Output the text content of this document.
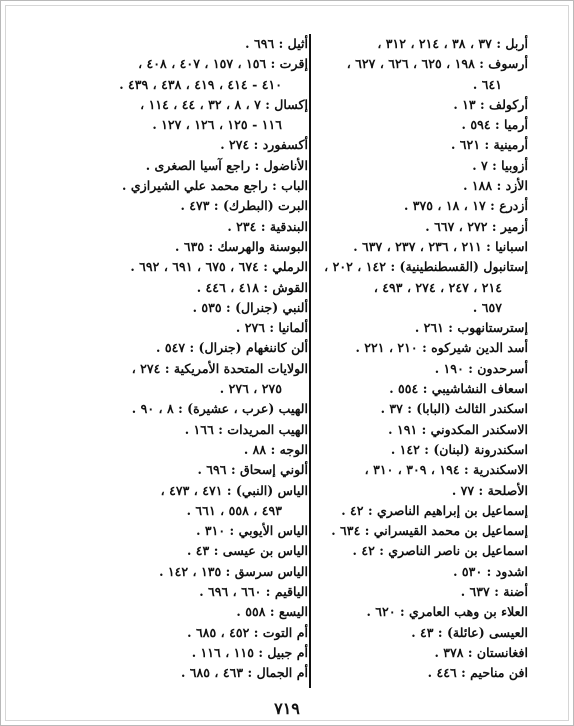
أربل : ٣٧ ، ٣٨ ، ٢١٤ ، ٣١٢ ،
أرسوف : ١٩٨ ، ٦٢٥ ، ٦٢٦ ، ٦٢٧ ،
٦٤١ .
أركولف : ١٣ .
أرميا : ٥٩٤ .
أرمينية : ٦٢١ .
أزوبيا : ٧ .
الأزد : ١٨٨ .
أزدرع : ١٧ ، ١٨ ، ٣٧٥ .
أزمير : ٢٧٢ ، ٦٦٧ .
اسبانيا : ٢١١ ، ٢٣٦ ، ٢٣٧ ، ٦٣٧ .
إستانبول (القسطنطينية) : ١٤٢ ، ٢٠٢ ،
٢١٤ ، ٢٤٧ ، ٢٧٤ ، ٤٩٣ ،
٦٥٧ .
إسترستانهوب : ٢٦١ .
أسد الدين شيركوه : ٢١٠ ، ٢٢١ .
أسرحدون : ١٩٠ .
اسعاف النشاشيبي : ٥٥٤ .
اسكندر الثالث (البابا) : ٣٧ .
الاسكندر المكدوني : ١٩١ .
اسكندرونة (لبنان) : ١٤٢ .
الاسكندرية : ١٩٤ ، ٣٠٩ ، ٣١٠ ،
الأصلحة : ٧٧ .
إسماعيل بن إبراهيم الناصري : ٤٢ .
إسماعيل بن محمد القيسراني : ٦٣٤ .
اسماعيل بن ناصر الناصري : ٤٢ .
اشدود : ٥٣٠ .
أضنة : ٦٣٧ .
العلاء بن وهب العامري : ٦٢٠ .
العيسى (عائلة) : ٤٣ .
افغانستان : ٣٧٨ .
افن مناحيم : ٤٤٦ .
أثيل : ٦٩٦ .
إقرت : ١٥٦ ، ١٥٧ ، ٤٠٧ ، ٤٠٨ ،
٤١٠ - ٤١٤ ، ٤١٩ ، ٤٣٨ ، ٤٣٩ .
إكسال : ٧ ، ٨ ، ٣٢ ، ٤٤ ، ١١٤ ،
١١٦ - ١٢٥ ، ١٢٦ ، ١٢٧ .
أكسفورد : ٢٧٤ .
الأناضول : راجع آسيا الصغرى .
الباب : راجع محمد علي الشيرازي .
البرت (البطرك) : ٤٧٣ .
البندقية : ٢٣٤ .
البوسنة والهرسك : ٦٣٥ .
الرملي : ٦٧٤ ، ٦٧٥ ، ٦٩١ ، ٦٩٢ .
القوش : ٤١٨ ، ٤٤٦ .
ألنبي (جنرال) : ٥٣٥ .
ألمانيا : ٢٧٦ .
ألن كاننغهام (جنرال) : ٥٤٧ .
الولايات المتحدة الأمريكية : ٢٧٤ ،
٢٧٥ ، ٢٧٦ .
الهيب (عرب ، عشيرة) : ٨ ، ٩٠ .
الهيب المريدات : ١٦٦ .
الوجه : ٨٨ .
ألوني إسحاق : ٦٩٦ .
الياس (النبي) : ٤٧١ ، ٤٧٣ ،
٤٩٣ ، ٥٥٨ ، ٦٦١ .
الياس الأيوبي : ٣١٠ .
الياس بن عيسى : ٤٣ .
الياس سرسق : ١٣٥ ، ١٤٢ .
الياقيم : ٦٦٠ ، ٦٩٦ .
اليسع : ٥٥٨ .
أم التوت : ٤٥٢ ، ٦٨٥ .
أم جبيل : ١١٥ ، ١١٦ .
أم الجمال : ٤٦٣ ، ٦٨٥ .
٧١٩
